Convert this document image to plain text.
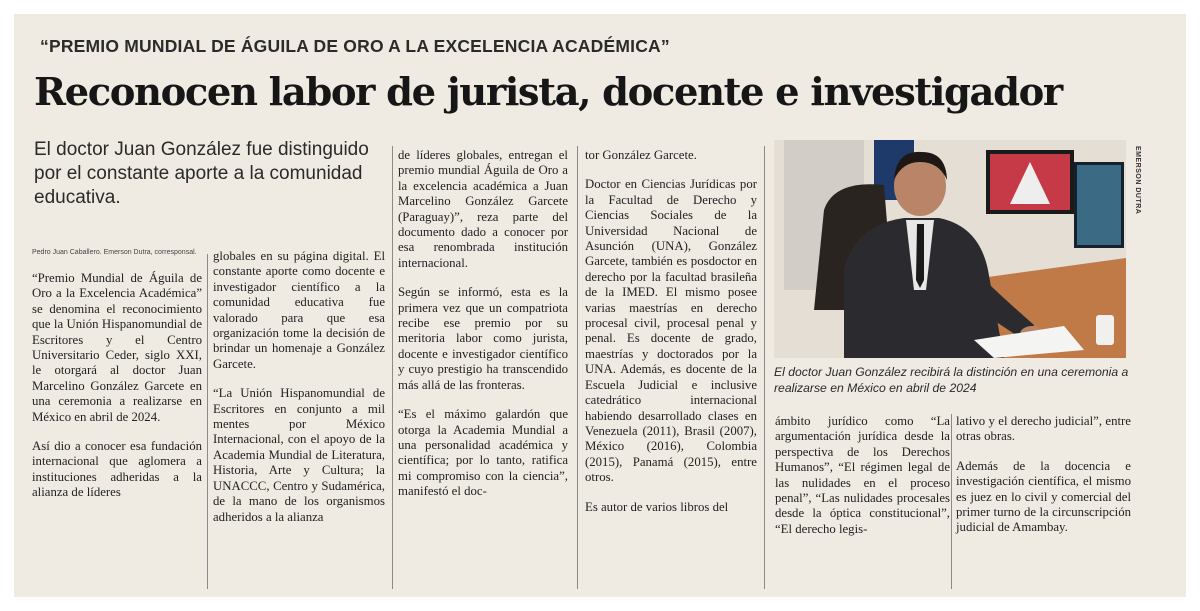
“PREMIO MUNDIAL DE ÁGUILA DE ORO A LA EXCELENCIA ACADÉMICA”
Reconocen labor de jurista, docente e investigador
El doctor Juan González fue distinguido por el constante aporte a la comunidad educativa.
Pedro Juan Caballero. Emerson Dutra, corresponsal.

“Premio Mundial de Águila de Oro a la Excelencia Académica” se denomina el reconocimiento que la Unión Hispanomundial de Escritores y el Centro Universitario Ceder, siglo XXI, le otorgará al doctor Juan Marcelino González Garcete en una ceremonia a realizarse en México en abril de 2024.

Así dio a conocer esa fundación internacional que aglomera a instituciones adheridas a la alianza de líderes

globales en su página digital. El constante aporte como docente e investigador científico a la comunidad educativa fue valorado para que esa organización tome la decisión de brindar un homenaje a González Garcete.

“La Unión Hispanomundial de Escritores en conjunto a mil mentes por México Internacional, con el apoyo de la Academia Mundial de Literatura, Historia, Arte y Cultura; la UNACCC, Centro y Sudamérica, de la mano de los organismos adheridos a la alianza

de líderes globales, entregan el premio mundial Águila de Oro a la excelencia académica a Juan Marcelino González Garcete (Paraguay)”, reza parte del documento dado a conocer por esa renombrada institución internacional.

Según se informó, esta es la primera vez que un compatriota recibe ese premio por su meritoria labor como jurista, docente e investigador científico y cuyo prestigio ha transcendido más allá de las fronteras.

“Es el máximo galardón que otorga la Academia Mundial a una personalidad académica y científica; por lo tanto, ratifica mi compromiso con la ciencia”, manifestó el doc-

tor González Garcete.

Doctor en Ciencias Jurídicas por la Facultad de Derecho y Ciencias Sociales de la Universidad Nacional de Asunción (UNA), González Garcete, también es posdoctor en derecho por la facultad brasileña de la IMED. El mismo posee varias maestrías en derecho procesal civil, procesal penal y penal. Es docente de grado, maestrías y doctorados por la UNA. Además, es docente de la Escuela Judicial e inclusive catedrático internacional habiendo desarrollado clases en Venezuela (2011), Brasil (2007), México (2016), Colombia (2015), Panamá (2015), entre otros.

Es autor de varios libros del

EMERSON DUTRA
El doctor Juan González recibirá la distinción en una ceremonia a realizarse en México en abril de 2024

ámbito jurídico como “La argumentación jurídica desde la perspectiva de los Derechos Humanos”, “El régimen legal de las nulidades en el proceso penal”, “Las nulidades procesales desde la óptica constitucional”, “El derecho legis-

lativo y el derecho judicial”, entre otras obras.

Además de la docencia e investigación científica, el mismo es juez en lo civil y comercial del primer turno de la circunscripción judicial de Amambay.
